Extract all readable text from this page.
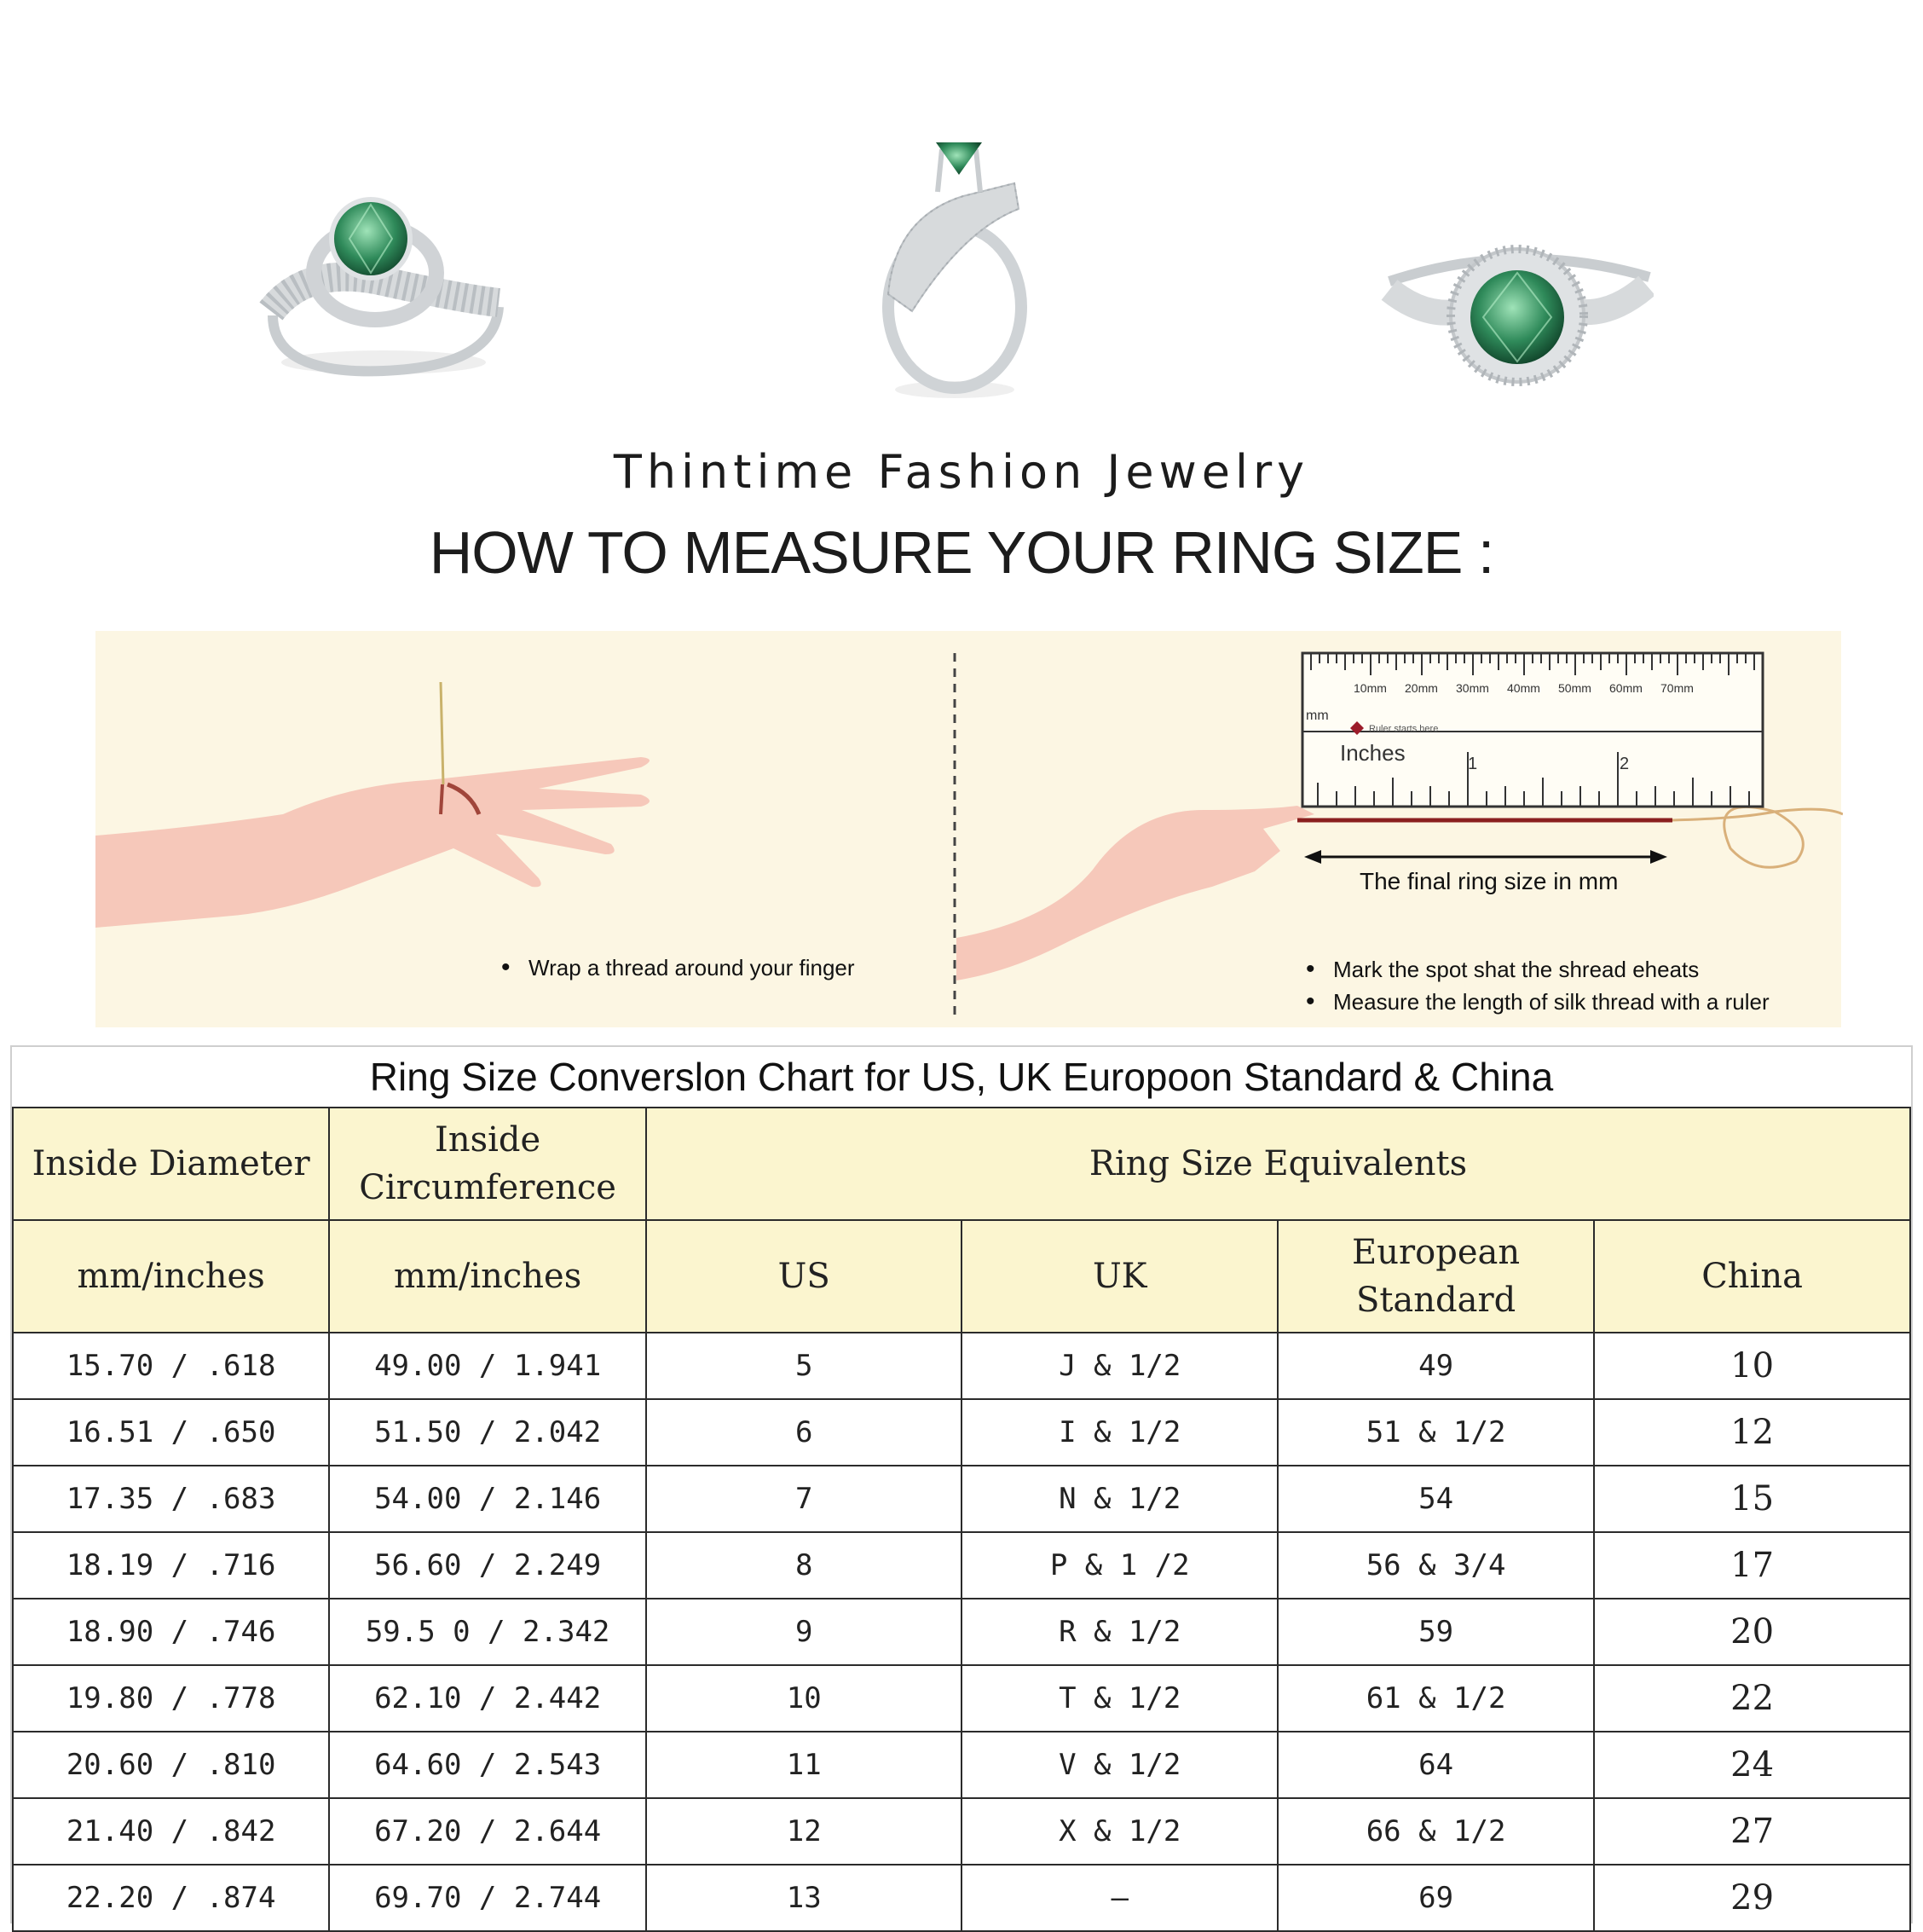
Thintime Fashion Jewelry
HOW TO MEASURE YOUR RING SIZE :
10mm 20mm 30mm 40mm 50mm 60mm 70mm
mm
Ruler starts here
Inches	1	2
The final ring size in mm
• Wrap a thread around your finger	• Mark the spot shat the shread eheats
• Measure the length of silk thread with a ruler
Ring Size Converslon Chart for US, UK Europoon Standard & China
Inside Diameter	Inside Circumference	Ring Size Equivalents			
mm/inches	mm/inches	US	UK	European Standard	China
15.70 / .618	49.00 / 1.941	5	J & 1/2	49	10
16.51 / .650	51.50 / 2.042	6	I & 1/2	51 & 1/2	12
17.35 / .683	54.00 / 2.146	7	N & 1/2	54	15
18.19 / .716	56.60 / 2.249	8	P & 1 /2	56 & 3/4	17
18.90 / .746	59.5 0 / 2.342	9	R & 1/2	59	20
19.80 / .778	62.10 / 2.442	10	T & 1/2	61 & 1/2	22
20.60 / .810	64.60 / 2.543	11	V & 1/2	64	24
21.40 / .842	67.20 / 2.644	12	X & 1/2	66 & 1/2	27
22.20 / .874	69.70 / 2.744	13	—	69	29
